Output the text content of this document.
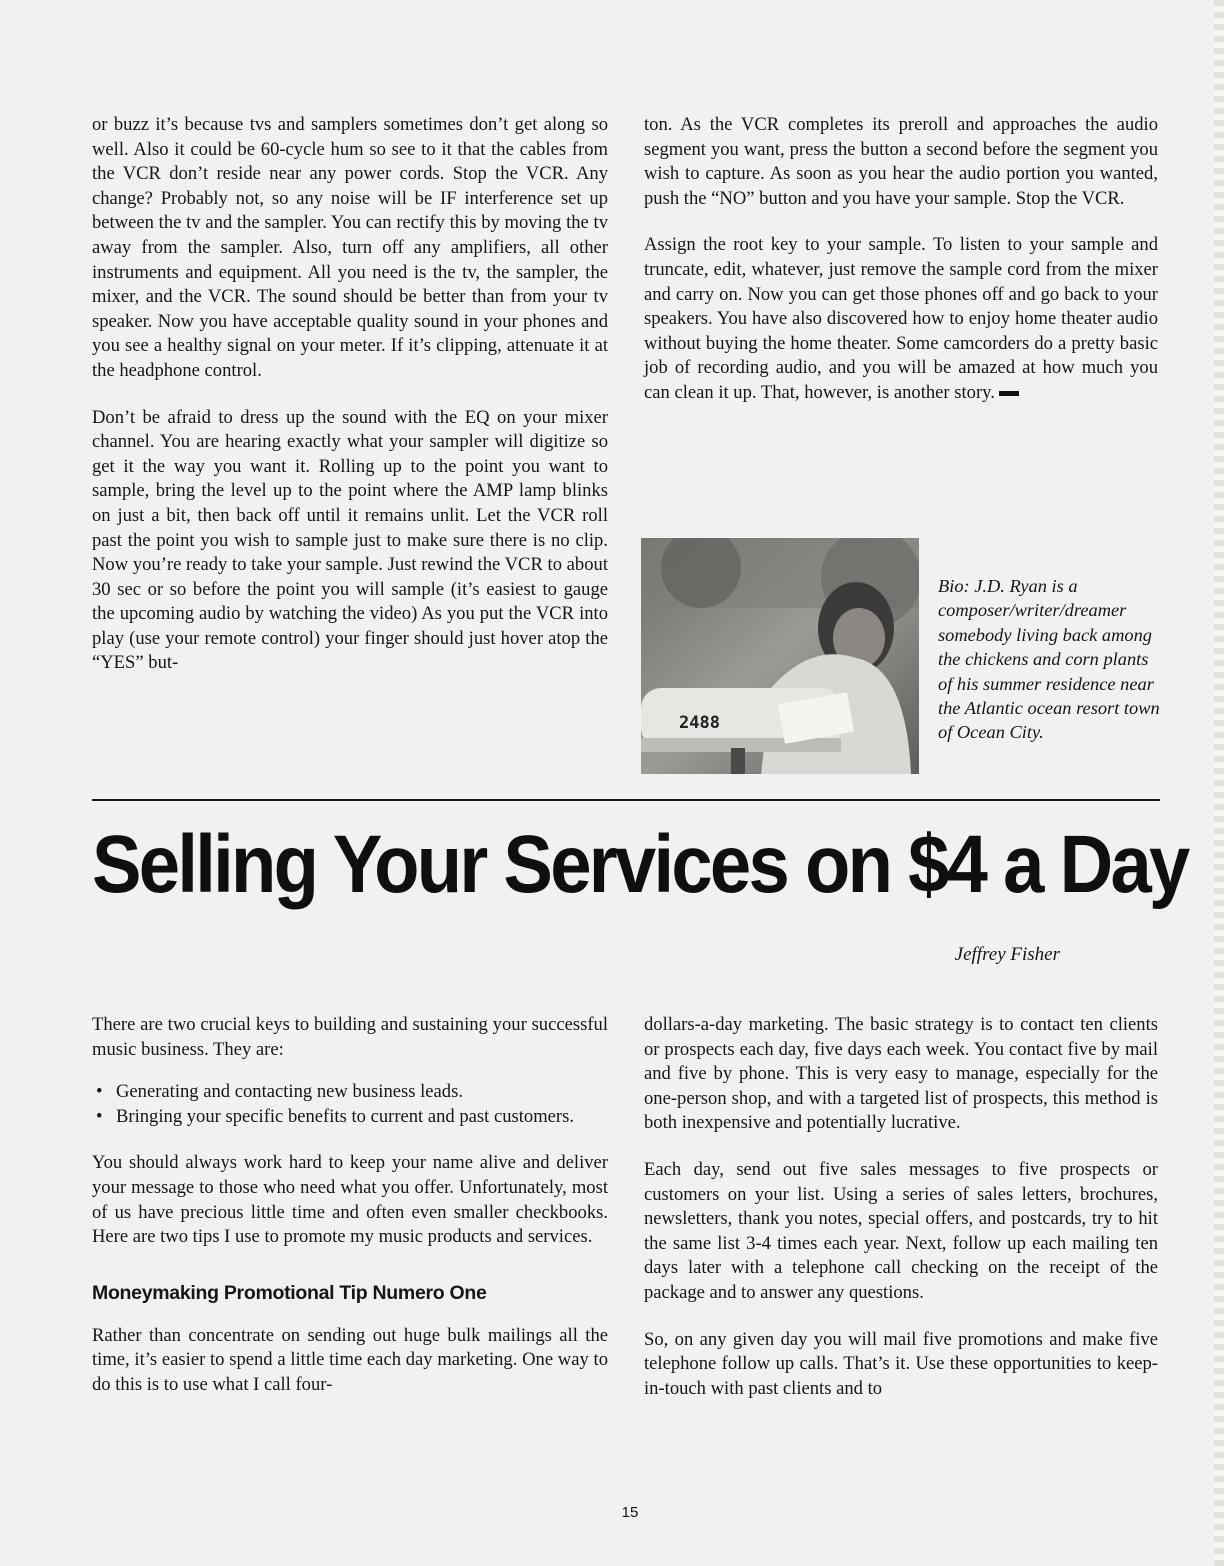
or buzz it’s because tvs and samplers sometimes don’t get along so well. Also it could be 60-cycle hum so see to it that the cables from the VCR don’t reside near any power cords. Stop the VCR. Any change? Probably not, so any noise will be IF interference set up between the tv and the sampler. You can rectify this by moving the tv away from the sampler. Also, turn off any amplifiers, all other instruments and equipment. All you need is the tv, the sampler, the mixer, and the VCR. The sound should be better than from your tv speaker. Now you have acceptable quality sound in your phones and you see a healthy signal on your meter. If it’s clipping, attenuate it at the headphone control.

Don’t be afraid to dress up the sound with the EQ on your mixer channel. You are hearing exactly what your sampler will digitize so get it the way you want it. Rolling up to the point you want to sample, bring the level up to the point where the AMP lamp blinks on just a bit, then back off until it remains unlit. Let the VCR roll past the point you wish to sample just to make sure there is no clip. Now you’re ready to take your sample. Just rewind the VCR to about 30 sec or so before the point you will sample (it’s easiest to gauge the upcoming audio by watching the video) As you put the VCR into play (use your remote control) your finger should just hover atop the “YES” but-

ton. As the VCR completes its preroll and approaches the audio segment you want, press the button a second before the segment you wish to capture. As soon as you hear the audio portion you wanted, push the “NO” button and you have your sample. Stop the VCR.

Assign the root key to your sample. To listen to your sample and truncate, edit, whatever, just remove the sample cord from the mixer and carry on. Now you can get those phones off and go back to your speakers. You have also discovered how to enjoy home theater audio without buying the home theater. Some camcorders do a pretty basic job of recording audio, and you will be amazed at how much you can clean it up. That, however, is another story.

2488
Bio: J.D. Ryan is a composer/writer/dreamer somebody living back among the chickens and corn plants of his summer residence near the Atlantic ocean resort town of Ocean City.
Selling Your Services on $4 a Day
Jeffrey Fisher

There are two crucial keys to building and sustaining your successful music business. They are:

• Generating and contacting new business leads.
• Bringing your specific benefits to current and past customers.

You should always work hard to keep your name alive and deliver your message to those who need what you offer. Unfortunately, most of us have precious little time and often even smaller checkbooks. Here are two tips I use to promote my music products and services.

Moneymaking Promotional Tip Numero One

Rather than concentrate on sending out huge bulk mailings all the time, it’s easier to spend a little time each day marketing. One way to do this is to use what I call four-

dollars-a-day marketing. The basic strategy is to contact ten clients or prospects each day, five days each week. You contact five by mail and five by phone. This is very easy to manage, especially for the one-person shop, and with a targeted list of prospects, this method is both inexpensive and potentially lucrative.

Each day, send out five sales messages to five prospects or customers on your list. Using a series of sales letters, brochures, newsletters, thank you notes, special offers, and postcards, try to hit the same list 3-4 times each year. Next, follow up each mailing ten days later with a telephone call checking on the receipt of the package and to answer any questions.

So, on any given day you will mail five promotions and make five telephone follow up calls. That’s it. Use these opportunities to keep-in-touch with past clients and to

15
